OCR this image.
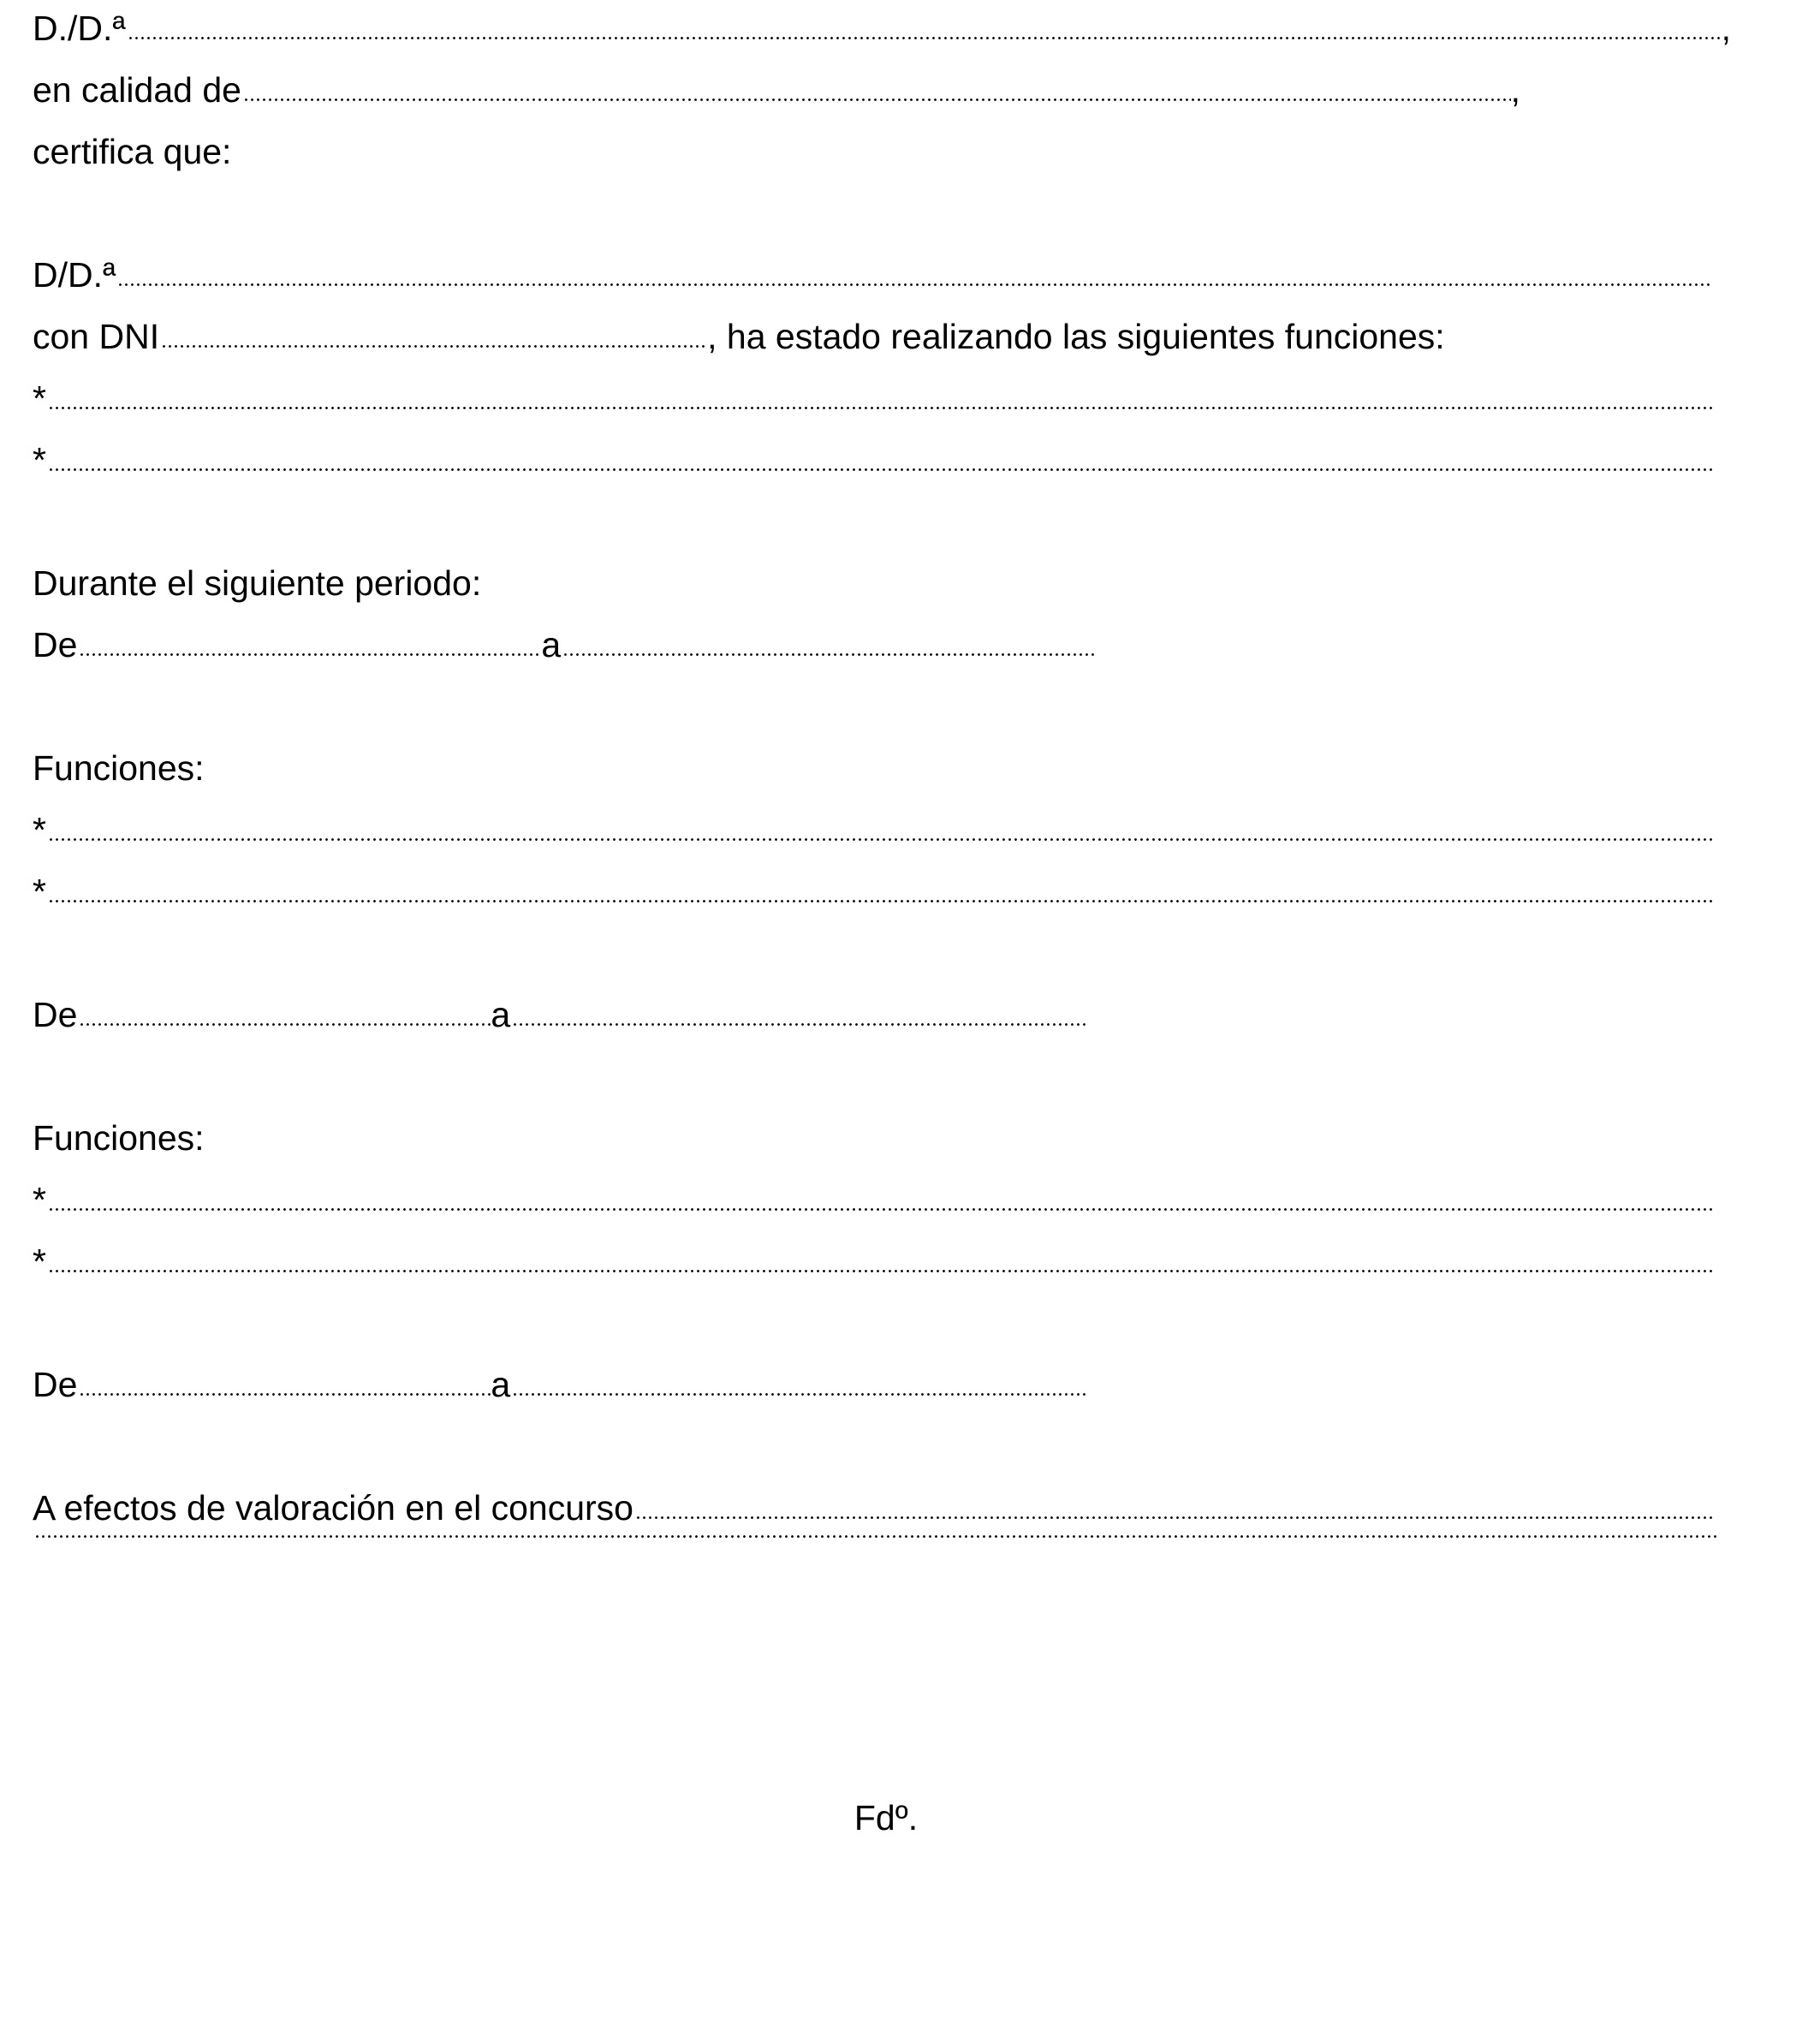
D./D.ª	,
en calidad de	,
certifica que:
D/D.ª
con DNI	, ha estado realizando las siguientes funciones:
*
*
Durante el siguiente periodo:
De	a
Funciones:
*
*
De	a
Funciones:
*
*
De	a
A efectos de valoración en el concurso
Fdº.
